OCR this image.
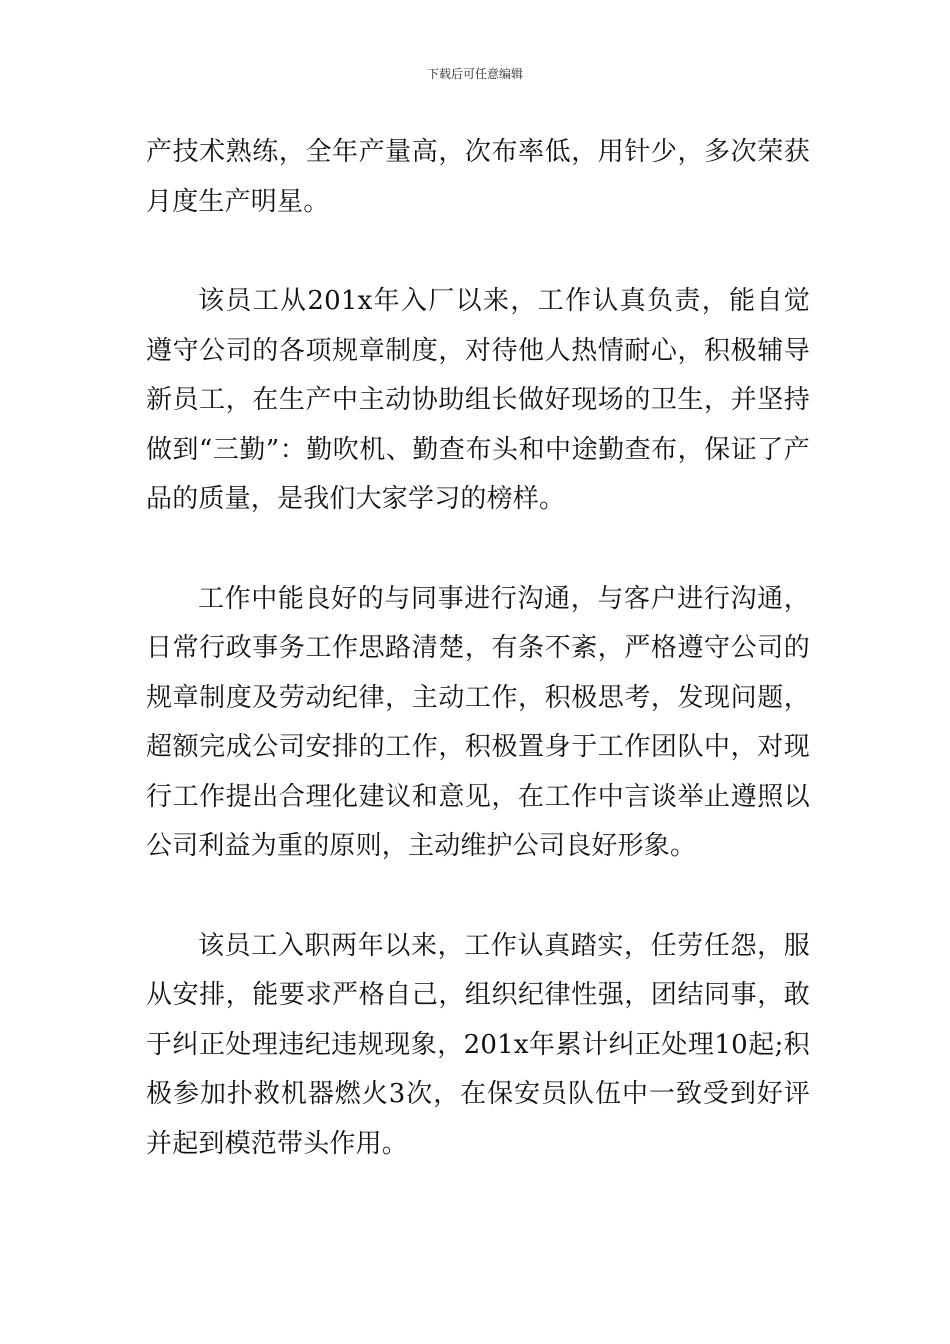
下载后可任意编辑

产技术熟练，全年产量高，次布率低，用针少，多次荣获月度生产明星。

该员工从201x年入厂以来，工作认真负责，能自觉遵守公司的各项规章制度，对待他人热情耐心，积极辅导新员工，在生产中主动协助组长做好现场的卫生，并坚持做到“三勤”：勤吹机、勤查布头和中途勤查布，保证了产品的质量，是我们大家学习的榜样。

工作中能良好的与同事进行沟通，与客户进行沟通，日常行政事务工作思路清楚，有条不紊，严格遵守公司的规章制度及劳动纪律，主动工作，积极思考，发现问题，超额完成公司安排的工作，积极置身于工作团队中，对现行工作提出合理化建议和意见，在工作中言谈举止遵照以公司利益为重的原则，主动维护公司良好形象。

该员工入职两年以来，工作认真踏实，任劳任怨，服从安排，能要求严格自己，组织纪律性强，团结同事，敢于纠正处理违纪违规现象，201x年累计纠正处理10起;积极参加扑救机器燃火3次，在保安员队伍中一致受到好评并起到模范带头作用。
